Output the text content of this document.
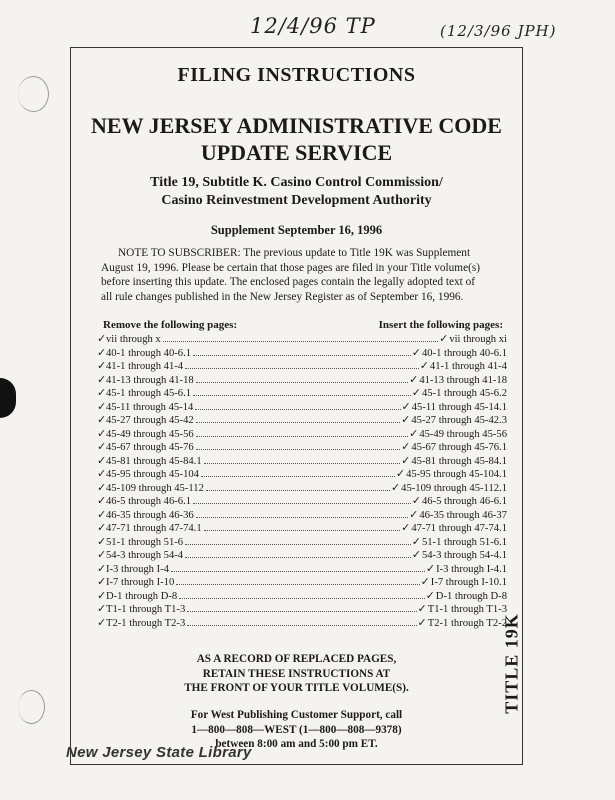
12/4/96 TP	(12/3/96 JPH)
FILING INSTRUCTIONS
NEW JERSEY ADMINISTRATIVE CODE
UPDATE SERVICE
Title 19, Subtitle K. Casino Control Commission/
Casino Reinvestment Development Authority
Supplement September 16, 1996
NOTE TO SUBSCRIBER: The previous update to Title 19K was Supplement
August 19, 1996. Please be certain that those pages are filed in your Title volume(s)
before inserting this update. The enclosed pages contain the legally adopted text of
all rule changes published in the New Jersey Register as of September 16, 1996.
Remove the following pages:	Insert the following pages:
✓ vii through x	✓ vii through xi
✓ 40-1 through 40-6.1	✓ 40-1 through 40-6.1
✓ 41-1 through 41-4	✓ 41-1 through 41-4
✓ 41-13 through 41-18	✓ 41-13 through 41-18
✓ 45-1 through 45-6.1	✓ 45-1 through 45-6.2
✓ 45-11 through 45-14	✓ 45-11 through 45-14.1
✓ 45-27 through 45-42	✓ 45-27 through 45-42.3
✓ 45-49 through 45-56	✓ 45-49 through 45-56
✓ 45-67 through 45-76	✓ 45-67 through 45-76.1
✓ 45-81 through 45-84.1	✓ 45-81 through 45-84.1
✓ 45-95 through 45-104	✓ 45-95 through 45-104.1
✓ 45-109 through 45-112	✓ 45-109 through 45-112.1
✓ 46-5 through 46-6.1	✓ 46-5 through 46-6.1
✓ 46-35 through 46-36	✓ 46-35 through 46-37
✓ 47-71 through 47-74.1	✓ 47-71 through 47-74.1
✓ 51-1 through 51-6	✓ 51-1 through 51-6.1
✓ 54-3 through 54-4	✓ 54-3 through 54-4.1
✓ I-3 through I-4	✓ I-3 through I-4.1
✓ I-7 through I-10	✓ I-7 through I-10.1
✓ D-1 through D-8	✓ D-1 through D-8
✓ T1-1 through T1-3	✓ T1-1 through T1-3
✓ T2-1 through T2-3	✓ T2-1 through T2-2
TITLE 19K
AS A RECORD OF REPLACED PAGES,
RETAIN THESE INSTRUCTIONS AT
THE FRONT OF YOUR TITLE VOLUME(S).
For West Publishing Customer Support, call
1—800—808—WEST (1—800—808—9378)
between 8:00 am and 5:00 pm ET.
New Jersey State Library
